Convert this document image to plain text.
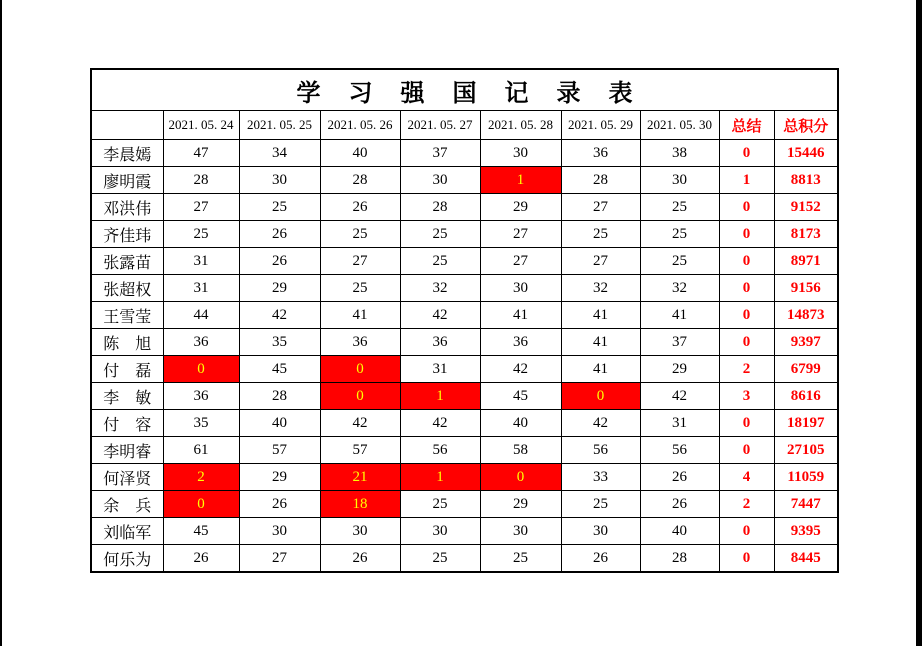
学 习 强 国 记 录 表									
	2021. 05. 24	2021. 05. 25	2021. 05. 26	2021. 05. 27	2021. 05. 28	2021. 05. 29	2021. 05. 30	总结	总积分
李晨嫣	47	34	40	37	30	36	38	0	15446
廖明霞	28	30	28	30	1	28	30	1	8813
邓洪伟	27	25	26	28	29	27	25	0	9152
齐佳玮	25	26	25	25	27	25	25	0	8173
张露苗	31	26	27	25	27	27	25	0	8971
张超权	31	29	25	32	30	32	32	0	9156
王雪莹	44	42	41	42	41	41	41	0	14873
陈　旭	36	35	36	36	36	41	37	0	9397
付　磊	0	45	0	31	42	41	29	2	6799
李　敏	36	28	0	1	45	0	42	3	8616
付　容	35	40	42	42	40	42	31	0	18197
李明睿	61	57	57	56	58	56	56	0	27105
何泽贤	2	29	21	1	0	33	26	4	11059
余　兵	0	26	18	25	29	25	26	2	7447
刘临军	45	30	30	30	30	30	40	0	9395
何乐为	26	27	26	25	25	26	28	0	8445
